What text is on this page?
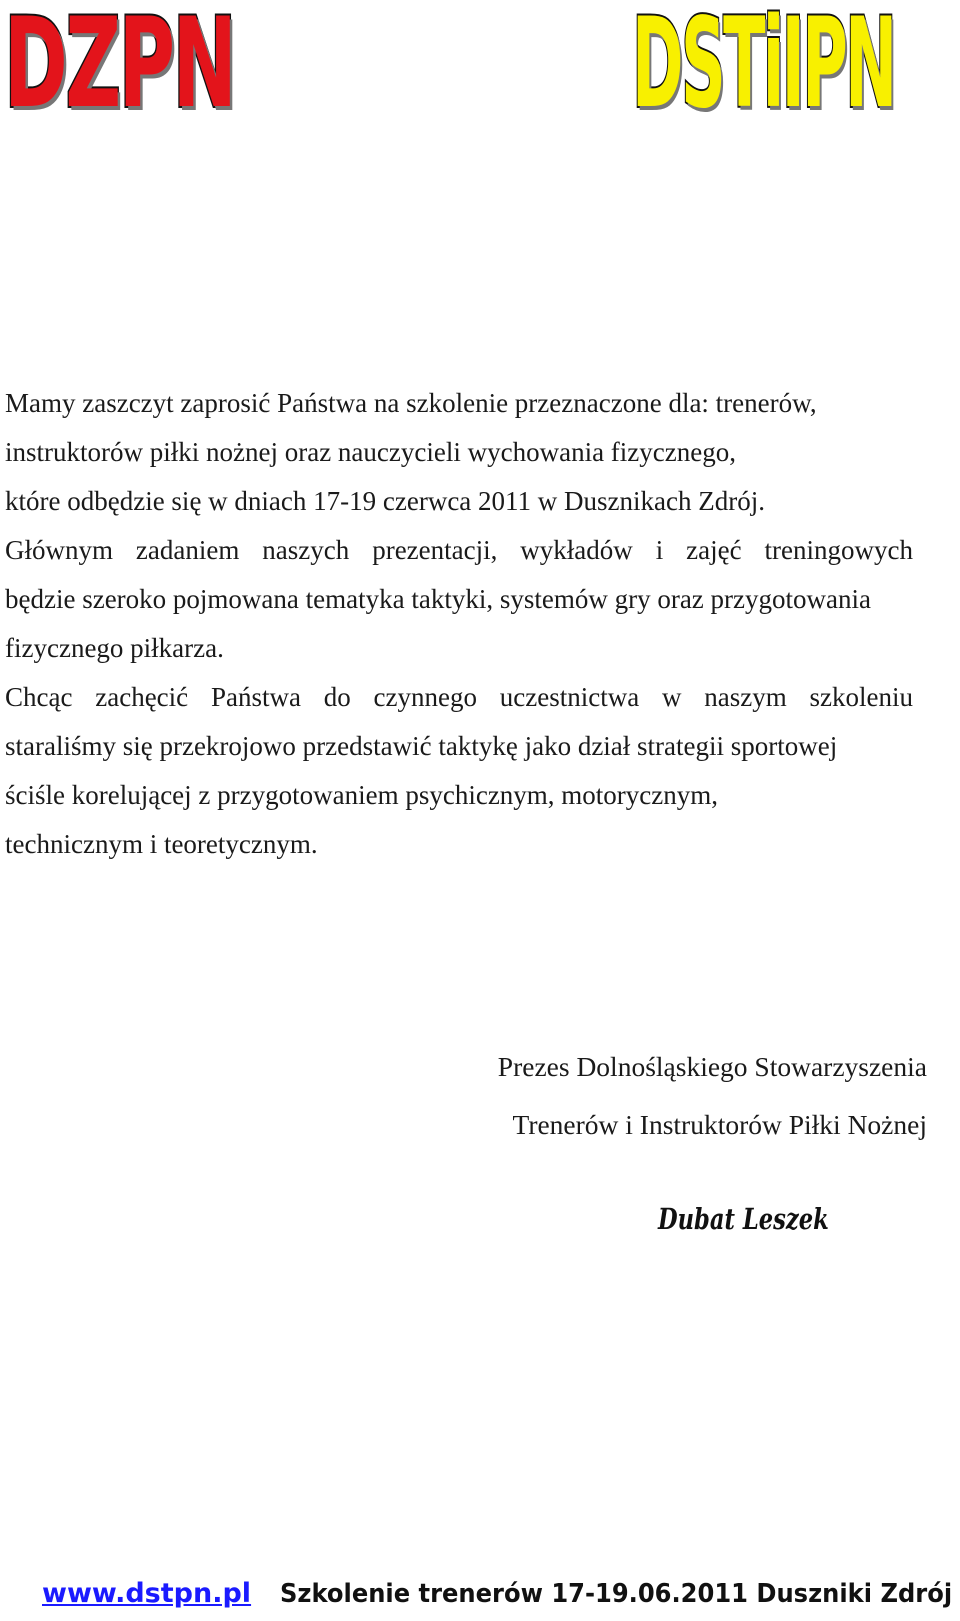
DZPN	DSTiIPN
Mamy zaszczyt zaprosić Państwa na szkolenie przeznaczone dla: trenerów,
instruktorów piłki nożnej oraz nauczycieli wychowania fizycznego,
które odbędzie się w dniach 17-19 czerwca 2011 w Dusznikach Zdrój.
Głównym zadaniem naszych prezentacji, wykładów i zajęć treningowych
będzie szeroko pojmowana tematyka taktyki, systemów gry oraz przygotowania
fizycznego piłkarza.
Chcąc zachęcić Państwa do czynnego uczestnictwa w naszym szkoleniu
staraliśmy się przekrojowo przedstawić taktykę jako dział strategii sportowej
ściśle korelującej z przygotowaniem psychicznym, motorycznym,
technicznym i teoretycznym.
Prezes Dolnośląskiego Stowarzyszenia
Trenerów i Instruktorów Piłki Nożnej
Dubat Leszek
www.dstpn.pl Szkolenie trenerów 17-19.06.2011 Duszniki Zdrój
